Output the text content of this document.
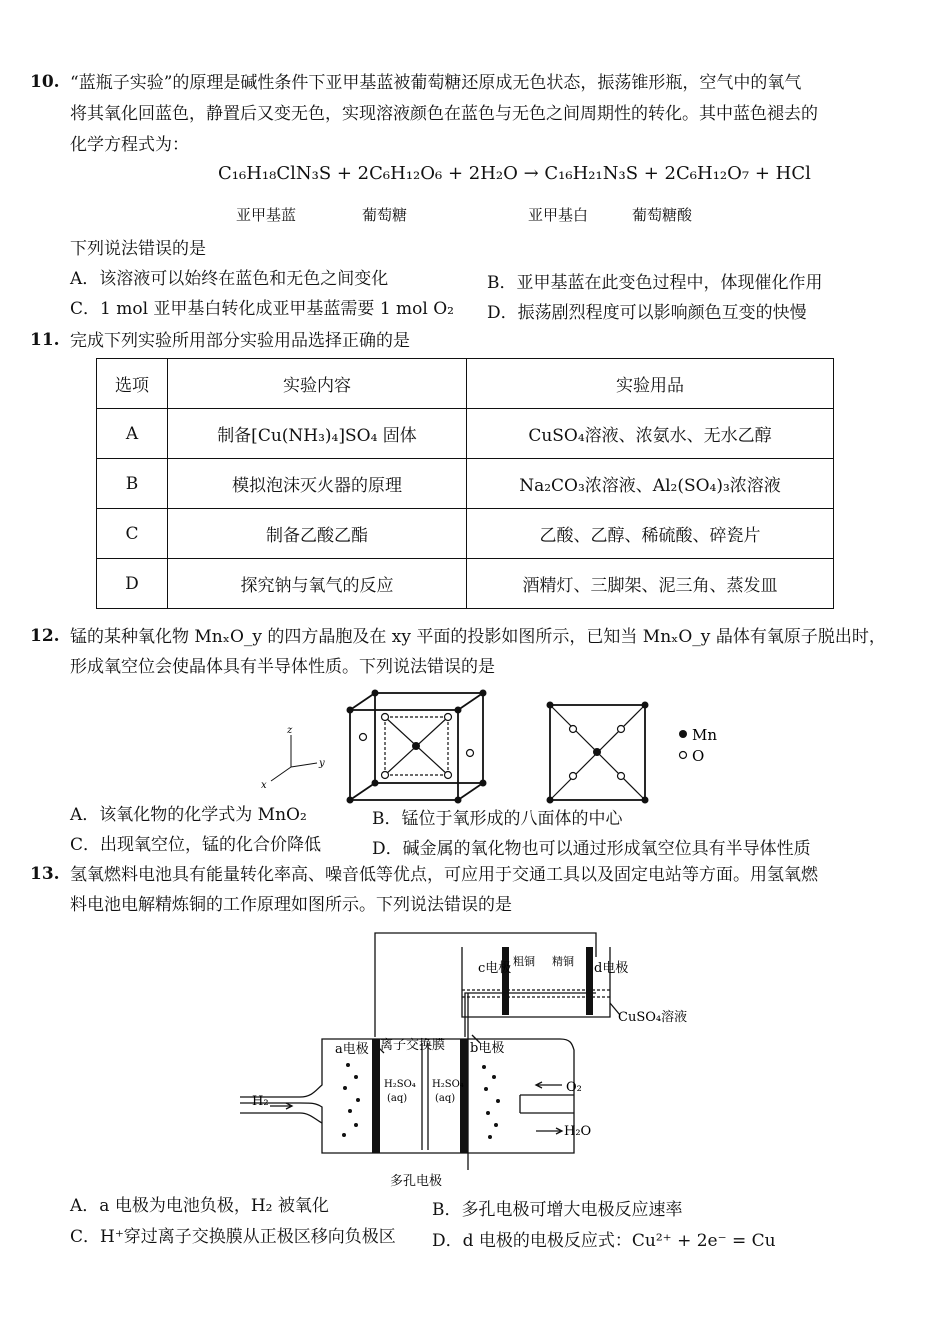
10. “蓝瓶子实验”的原理是碱性条件下亚甲基蓝被葡萄糖还原成无色状态，振荡锥形瓶，空气中的氧气
将其氧化回蓝色，静置后又变无色，实现溶液颜色在蓝色与无色之间周期性的转化。其中蓝色褪去的
化学方程式为：
C₁₆H₁₈ClN₃S + 2C₆H₁₂O₆ + 2H₂O → C₁₆H₂₁N₃S + 2C₆H₁₂O₇ + HCl
亚甲基蓝	葡萄糖	亚甲基白	葡萄糖酸
下列说法错误的是
A．该溶液可以始终在蓝色和无色之间变化	B．亚甲基蓝在此变色过程中，体现催化作用
C．1 mol 亚甲基白转化成亚甲基蓝需要 1 mol O₂ D．振荡剧烈程度可以影响颜色互变的快慢
11. 完成下列实验所用部分实验用品选择正确的是
选项	实验内容	实验用品
A	制备[Cu(NH₃)₄]SO₄ 固体	CuSO₄溶液、浓氨水、无水乙醇
B	模拟泡沫灭火器的原理	Na₂CO₃浓溶液、Al₂(SO₄)₃浓溶液
C	制备乙酸乙酯	乙酸、乙醇、稀硫酸、碎瓷片
D	探究钠与氧气的反应	酒精灯、三脚架、泥三角、蒸发皿
12. 锰的某种氧化物 MnₓO_y 的四方晶胞及在 xy 平面的投影如图所示，已知当 MnₓO_y 晶体有氧原子脱出时，
形成氧空位会使晶体具有半导体性质。下列说法错误的是
z
y
x
Mn
O
A．该氧化物的化学式为 MnO₂	B．锰位于氧形成的八面体的中心
C．出现氧空位，锰的化合价降低	D．碱金属的氧化物也可以通过形成氧空位具有半导体性质
13. 氢氧燃料电池具有能量转化率高、噪音低等优点，可应用于交通工具以及固定电站等方面。用氢氧燃
料电池电解精炼铜的工作原理如图所示。下列说法错误的是
c电极 粗铜 精铜 d电极
CuSO₄溶液
a电极 离子交换膜 b电极
H₂
O₂
H₂O
H₂SO₄
(aq)
H₂SO₄
(aq)
多孔电极
A．a 电极为电池负极，H₂ 被氧化	B．多孔电极可增大电极反应速率
C．H⁺穿过离子交换膜从正极区移向负极区 D．d 电极的电极反应式：Cu²⁺ + 2e⁻ = Cu
